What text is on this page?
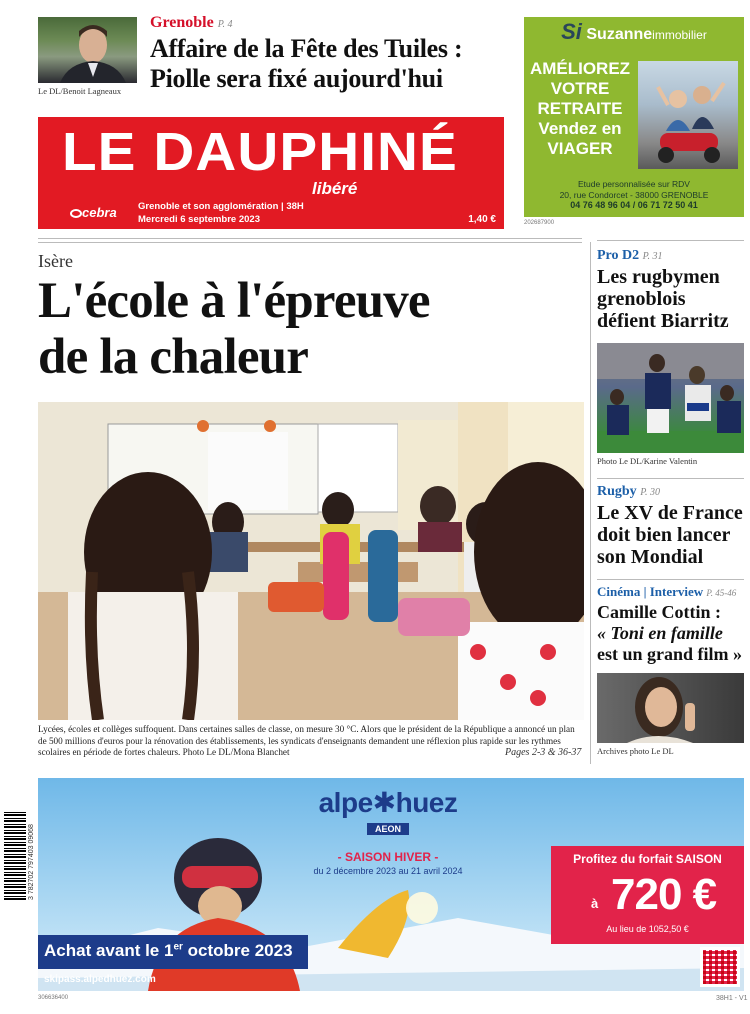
Le DL/Benoit Lagneaux
Grenoble P. 4
Affaire de la Fête des Tuiles :
Piolle sera fixé aujourd'hui
LE DAUPHINÉ
libéré
cebra Grenoble et son agglomération | 38H
Mercredi 6 septembre 2023	1,40 €
Si Suzanneimmobilier
AMÉLIOREZ
VOTRE
RETRAITE
Vendez en
VIAGER
Etude personnalisée sur RDV
20, rue Condorcet - 38000 GRENOBLE
04 76 48 96 04 / 06 71 72 50 41
202687900
Isère
L'école à l'épreuve
de la chaleur
Lycées, écoles et collèges suffoquent. Dans certaines salles de classe, on mesure 30 °C. Alors que le président de la République a annoncé un plan de 500 millions d'euros pour la rénovation des établissements, les syndicats d'enseignants demandent une réflexion plus rapide sur les rythmes scolaires en période de fortes chaleurs. Photo Le DL/Mona Blanchet	Pages 2-3 & 36-37
Pro D2 P. 31
Les rugbymen
grenoblois
défient Biarritz
Photo Le DL/Karine Valentin
Rugby P. 30
Le XV de France
doit bien lancer
son Mondial
Cinéma | Interview P. 45-46
Camille Cottin :
« Toni en famille
est un grand film »
Archives photo Le DL
3 782702 797403 09068
alpe✱huez
AEON
- SAISON HIVER -
du 2 décembre 2023 au 21 avril 2024
Profitez du forfait SAISON
à 720 €
Au lieu de 1052,50 €
Achat avant le 1er octobre 2023
skipass.alpedhuez.com
306636400	38H1 - V1
